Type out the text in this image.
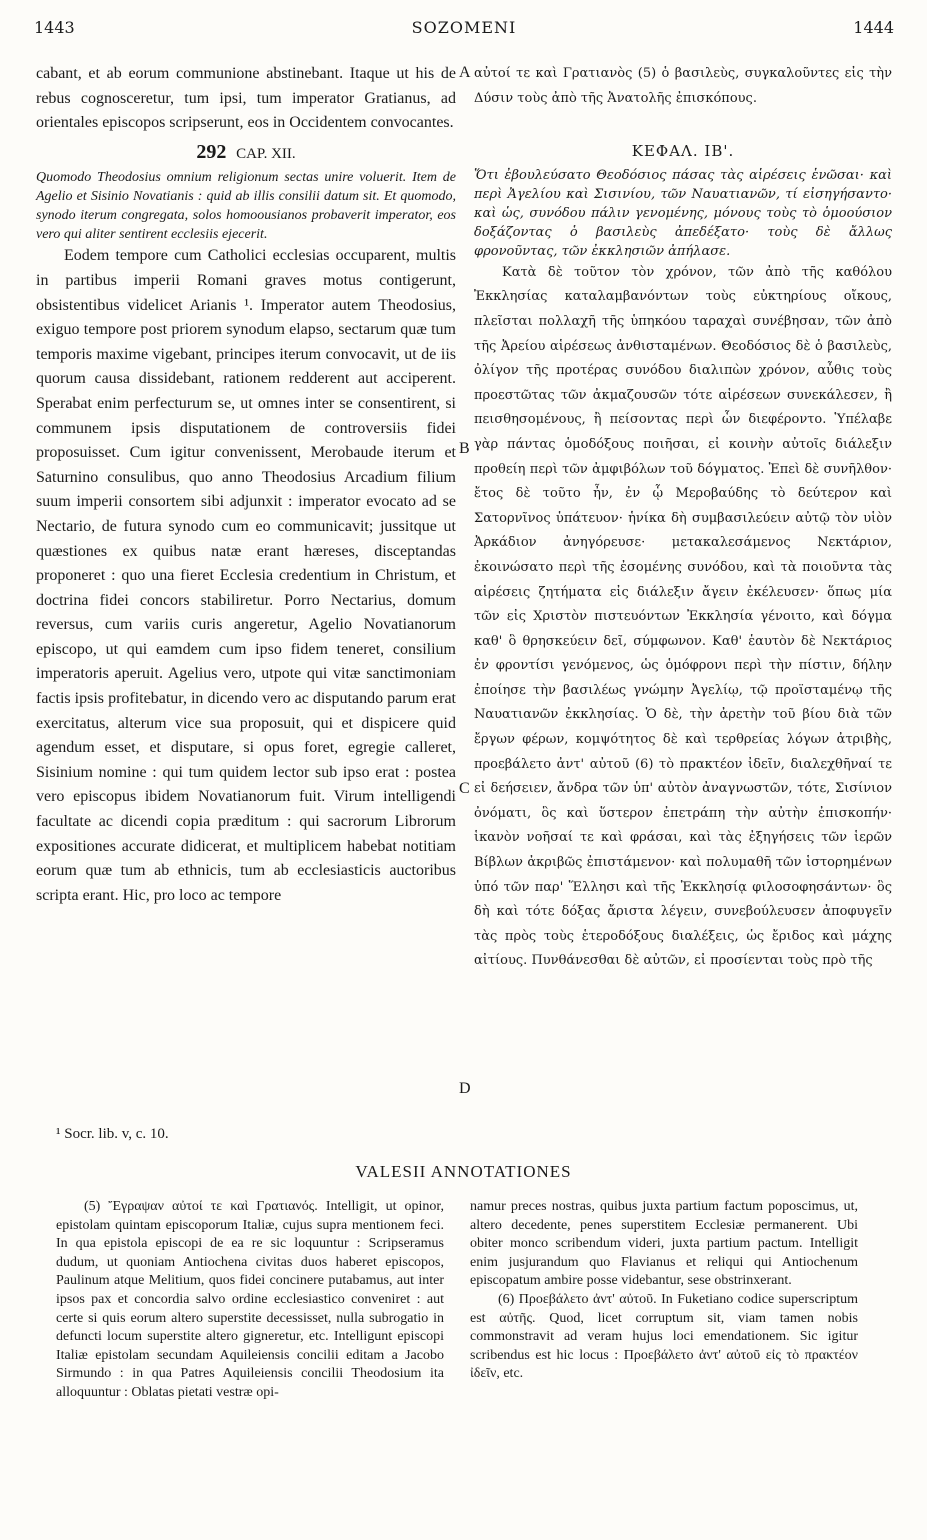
1443	SOZOMENI	1444
A
B
C
D

cabant, et ab eorum communione abstinebant. Itaque ut his de rebus cognosceretur, tum ipsi, tum imperator Gratianus, ad orientales episcopos scripserunt, eos in Occidentem convocantes.

292 CAP. XII.

Quomodo Theodosius omnium religionum sectas unire voluerit. Item de Agelio et Sisinio Novatianis : quid ab illis consilii datum sit. Et quomodo, synodo iterum congregata, solos homoousianos probaverit imperator, eos vero qui aliter sentirent ecclesiis ejecerit.

Eodem tempore cum Catholici ecclesias occuparent, multis in partibus imperii Romani graves motus contigerunt, obsistentibus videlicet Arianis ¹. Imperator autem Theodosius, exiguo tempore post priorem synodum elapso, sectarum quæ tum temporis maxime vigebant, principes iterum convocavit, ut de iis quorum causa dissidebant, rationem redderent aut acciperent. Sperabat enim perfecturum se, ut omnes inter se consentirent, si communem ipsis disputationem de controversiis fidei proposuisset. Cum igitur convenissent, Merobaude iterum et Saturnino consulibus, quo anno Theodosius Arcadium filium suum imperii consortem sibi adjunxit : imperator evocato ad se Nectario, de futura synodo cum eo communicavit; jussitque ut quæstiones ex quibus natæ erant hæreses, disceptandas proponeret : quo una fieret Ecclesia credentium in Christum, et doctrina fidei concors stabiliretur. Porro Nectarius, domum reversus, cum variis curis angeretur, Agelio Novatianorum episcopo, ut qui eamdem cum ipso fidem teneret, consilium imperatoris aperuit. Agelius vero, utpote qui vitæ sanctimoniam factis ipsis profitebatur, in dicendo vero ac disputando parum erat exercitatus, alterum vice sua proposuit, qui et dispicere quid agendum esset, et disputare, si opus foret, egregie calleret, Sisinium nomine : qui tum quidem lector sub ipso erat : postea vero episcopus ibidem Novatianorum fuit. Virum intelligendi facultate ac dicendi copia præditum : qui sacrorum Librorum expositiones accurate didicerat, et multiplicem habebat notitiam eorum quæ tum ab ethnicis, tum ab ecclesiasticis auctoribus scripta erant. Hic, pro loco ac tempore

αὐτοί τε καὶ Γρατιανὸς (5) ὁ βασιλεὺς, συγκαλοῦντες εἰς τὴν Δύσιν τοὺς ἀπὸ τῆς Ἀνατολῆς ἐπισκόπους.

ΚΕΦΑΛ. ΙΒ'.

Ὅτι ἐβουλεύσατο Θεοδόσιος πάσας τὰς αἱρέσεις ἑνῶσαι· καὶ περὶ Ἀγελίου καὶ Σισινίου, τῶν Ναυατιανῶν, τί εἰσηγήσαντο· καὶ ὡς, συνόδου πάλιν γενομένης, μόνους τοὺς τὸ ὁμοούσιον δοξάζοντας ὁ βασιλεὺς ἀπεδέξατο· τοὺς δὲ ἄλλως φρονοῦντας, τῶν ἐκκλησιῶν ἀπήλασε.

Κατὰ δὲ τοῦτον τὸν χρόνον, τῶν ἀπὸ τῆς καθόλου Ἐκκλησίας καταλαμβανόντων τοὺς εὐκτηρίους οἴκους, πλεῖσται πολλαχῆ τῆς ὑπηκόου ταραχαὶ συνέβησαν, τῶν ἀπὸ τῆς Ἀρείου αἱρέσεως ἀνθισταμένων. Θεοδόσιος δὲ ὁ βασιλεὺς, ὀλίγον τῆς προτέρας συνόδου διαλιπὼν χρόνον, αὖθις τοὺς προεστῶτας τῶν ἀκμαζουσῶν τότε αἱρέσεων συνεκάλεσεν, ἢ πεισθησομένους, ἢ πείσοντας περὶ ὧν διεφέροντο. Ὑπέλαβε γὰρ πάντας ὁμοδόξους ποιῆσαι, εἰ κοινὴν αὐτοῖς διάλεξιν προθείη περὶ τῶν ἀμφιβόλων τοῦ δόγματος. Ἐπεὶ δὲ συνῆλθον· ἔτος δὲ τοῦτο ἦν, ἐν ᾧ Μεροβαύδης τὸ δεύτερον καὶ Σατορνῖνος ὑπάτευον· ἡνίκα δὴ συμβασιλεύειν αὐτῷ τὸν υἱὸν Ἀρκάδιον ἀνηγόρευσε· μετακαλεσάμενος Νεκτάριον, ἐκοινώσατο περὶ τῆς ἐσομένης συνόδου, καὶ τὰ ποιοῦντα τὰς αἱρέσεις ζητήματα εἰς διάλεξιν ἄγειν ἐκέλευσεν· ὅπως μία τῶν εἰς Χριστὸν πιστευόντων Ἐκκλησία γένοιτο, καὶ δόγμα καθ' ὃ θρησκεύειν δεῖ, σύμφωνον. Καθ' ἑαυτὸν δὲ Νεκτάριος ἐν φροντίσι γενόμενος, ὡς ὁμόφρονι περὶ τὴν πίστιν, δήλην ἐποίησε τὴν βασιλέως γνώμην Ἀγελίῳ, τῷ προϊσταμένῳ τῆς Ναυατιανῶν ἐκκλησίας. Ὁ δὲ, τὴν ἀρετὴν τοῦ βίου διὰ τῶν ἔργων φέρων, κομψότητος δὲ καὶ τερθρείας λόγων ἀτριβὴς, προεβάλετο ἀντ' αὐτοῦ (6) τὸ πρακτέον ἰδεῖν, διαλεχθῆναί τε εἰ δεήσειεν, ἄνδρα τῶν ὑπ' αὐτὸν ἀναγνωστῶν, τότε, Σισίνιον ὀνόματι, ὃς καὶ ὕστερον ἐπετράπη τὴν αὐτὴν ἐπισκοπήν· ἱκανὸν νοῆσαί τε καὶ φράσαι, καὶ τὰς ἐξηγήσεις τῶν ἱερῶν Βίβλων ἀκριβῶς ἐπιστάμενον· καὶ πολυμαθῆ τῶν ἱστορημένων ὑπό τῶν παρ' Ἕλλησι καὶ τῆς Ἐκκλησίᾳ φιλοσοφησάντων· ὃς δὴ καὶ τότε δόξας ἄριστα λέγειν, συνεβούλευσεν ἀποφυγεῖν τὰς πρὸς τοὺς ἑτεροδόξους διαλέξεις, ὡς ἔριδος καὶ μάχης αἰτίους. Πυνθάνεσθαι δὲ αὐτῶν, εἰ προσίενται τοὺς πρὸ τῆς

¹ Socr. lib. v, c. 10.
VALESII ANNOTATIONES

(5) Ἔγραψαν αὐτοί τε καὶ Γρατιανός. Intelligit, ut opinor, epistolam quintam episcoporum Italiæ, cujus supra mentionem feci. In qua epistola episcopi de ea re sic loquuntur : Scripseramus dudum, ut quoniam Antiochena civitas duos haberet episcopos, Paulinum atque Melitium, quos fidei concinere putabamus, aut inter ipsos pax et concordia salvo ordine ecclesiastico conveniret : aut certe si quis eorum altero superstite decessisset, nulla subrogatio in defuncti locum superstite altero gigneretur, etc. Intelligunt episcopi Italiæ epistolam secundam Aquileiensis concilii editam a Jacobo Sirmundo : in qua Patres Aquileiensis concilii Theodosium ita alloquuntur : Oblatas pietati vestræ opi-

namur preces nostras, quibus juxta partium factum poposcimus, ut, altero decedente, penes superstitem Ecclesiæ permanerent. Ubi obiter monco scribendum videri, juxta partium pactum. Intelligit enim jusjurandum quo Flavianus et reliqui qui Antiochenum episcopatum ambire posse videbantur, sese obstrinxerant.

(6) Προεβάλετο ἀντ' αὐτοῦ. In Fuketiano codice superscriptum est αὐτῆς. Quod, licet corruptum sit, viam tamen nobis commonstravit ad veram hujus loci emendationem. Sic igitur scribendus est hic locus : Προεβάλετο ἀντ' αὐτοῦ εἰς τὸ πρακτέον ἰδεῖν, etc.
